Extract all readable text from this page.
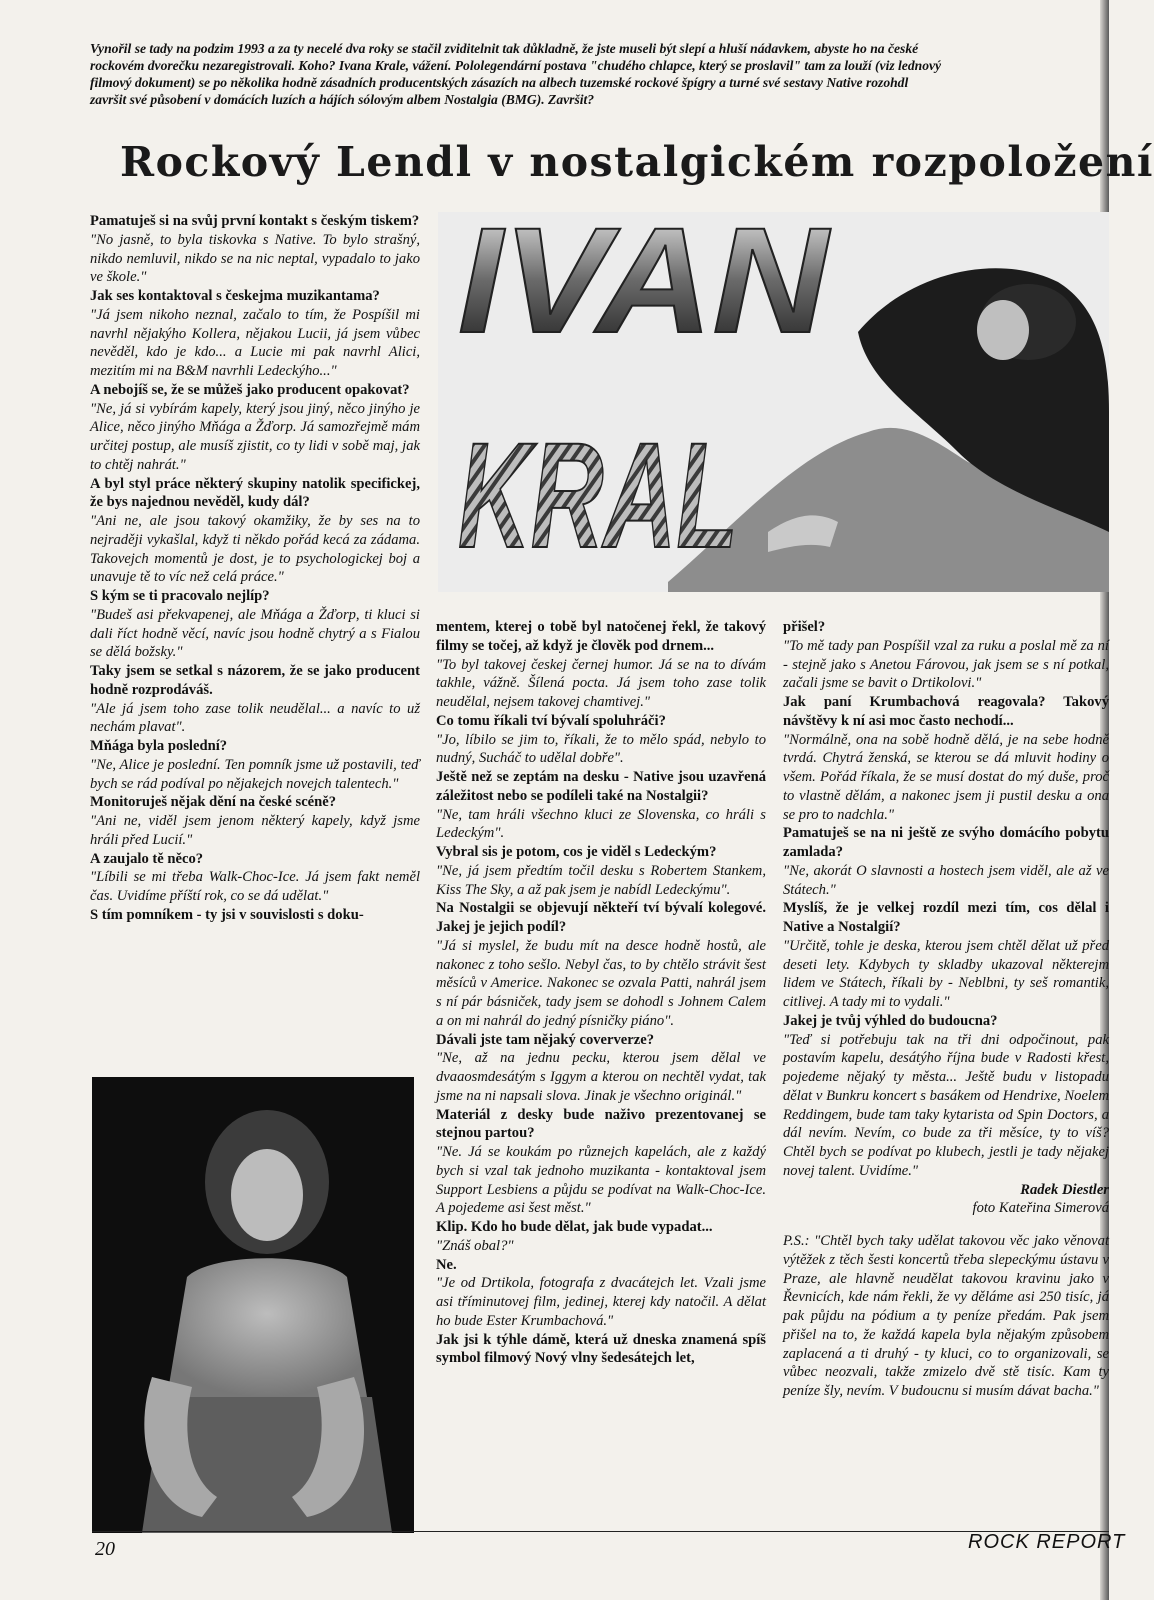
Vynořil se tady na podzim 1993 a za ty necelé dva roky se stačil zviditelnit tak důkladně, že jste museli být slepí a hluší nádavkem, abyste ho na české
rockovém dvorečku nezaregistrovali. Koho? Ivana Krale, vážení. Pololegendární postava "chudého chlapce, který se proslavil" tam za louží (viz lednový
filmový dokument) se po několika hodně zásadních producentských zásazích na albech tuzemské rockové špígry a turné své sestavy Native rozohdl
završit své působení v domácích luzích a hájích sólovým albem Nostalgia (BMG). Završit?
Rockový Lendl v nostalgickém rozpoložení

Pamatuješ si na svůj první kontakt s českým tiskem?

"No jasně, to byla tiskovka s Native. To bylo strašný, nikdo nemluvil, nikdo se na nic neptal, vypadalo to jako ve škole."

Jak ses kontaktoval s českejma muzikantama?

"Já jsem nikoho neznal, začalo to tím, že Pospíšil mi navrhl nějakýho Kollera, nějakou Lucii, já jsem vůbec nevěděl, kdo je kdo... a Lucie mi pak navrhl Alici, mezitím mi na B&M navrhli Ledeckýho..."

A nebojíš se, že se můžeš jako producent opakovat?

"Ne, já si vybírám kapely, který jsou jiný, něco jinýho je Alice, něco jinýho Mňága a Žďorp. Já samozřejmě mám určitej postup, ale musíš zjistit, co ty lidi v sobě maj, jak to chtěj nahrát."

A byl styl práce některý skupiny natolik specifickej, že bys najednou nevěděl, kudy dál?

"Ani ne, ale jsou takový okamžiky, že by ses na to nejraději vykašlal, když ti někdo pořád kecá za zádama. Takovejch momentů je dost, je to psychologickej boj a unavuje tě to víc než celá práce."

S kým se ti pracovalo nejlíp?

"Budeš asi překvapenej, ale Mňága a Žďorp, ti kluci si dali říct hodně věcí, navíc jsou hodně chytrý a s Fialou se dělá božsky."

Taky jsem se setkal s názorem, že se jako producent hodně rozprodáváš.

"Ale já jsem toho zase tolik neudělal... a navíc to už nechám plavat".

Mňága byla poslední?

"Ne, Alice je poslední. Ten pomník jsme už postavili, teď bych se rád podíval po nějakejch novejch talentech."

Monitoruješ nějak dění na české scéně?

"Ani ne, viděl jsem jenom některý kapely, když jsme hráli před Lucií."

A zaujalo tě něco?

"Líbili se mi třeba Walk-Choc-Ice. Já jsem fakt neměl čas. Uvidíme příští rok, co se dá udělat."

S tím pomníkem - ty jsi v souvislosti s doku-

IVAN
KRAL

mentem, kterej o tobě byl natočenej řekl, že takový filmy se točej, až když je člověk pod drnem...

"To byl takovej českej černej humor. Já se na to dívám takhle, vážně. Šílená pocta. Já jsem toho zase tolik neudělal, nejsem takovej chamtivej."

Co tomu říkali tví bývalí spoluhráči?

"Jo, líbilo se jim to, říkali, že to mělo spád, nebylo to nudný, Sucháč to udělal dobře".

Ještě než se zeptám na desku - Native jsou uzavřená záležitost nebo se podíleli také na Nostalgii?

"Ne, tam hráli všechno kluci ze Slovenska, co hráli s Ledeckým".

Vybral sis je potom, cos je viděl s Ledeckým?

"Ne, já jsem předtím točil desku s Robertem Stankem, Kiss The Sky, a až pak jsem je nabídl Ledeckýmu".

Na Nostalgii se objevují někteří tví bývalí kolegové. Jakej je jejich podíl?

"Já si myslel, že budu mít na desce hodně hostů, ale nakonec z toho sešlo. Nebyl čas, to by chtělo strávit šest měsíců v Americe. Nakonec se ozvala Patti, nahrál jsem s ní pár básniček, tady jsem se dohodl s Johnem Calem a on mi nahrál do jedný písničky piáno".

Dávali jste tam nějaký coververze?

"Ne, až na jednu pecku, kterou jsem dělal ve dvaaosmdesátým s Iggym a kterou on nechtěl vydat, tak jsme na ni napsali slova. Jinak je všechno originál."

Materiál z desky bude naživo prezentovanej se stejnou partou?

"Ne. Já se koukám po různejch kapelách, ale z každý bych si vzal tak jednoho muzikanta - kontaktoval jsem Support Lesbiens a půjdu se podívat na Walk-Choc-Ice. A pojedeme asi šest měst."

Klip. Kdo ho bude dělat, jak bude vypadat...

"Znáš obal?"

Ne.

"Je od Drtikola, fotografa z dvacátejch let. Vzali jsme asi tříminutovej film, jedinej, kterej kdy natočil. A dělat ho bude Ester Krumbachová."

Jak jsi k týhle dámě, která už dneska znamená spíš symbol filmový Nový vlny šedesátejch let,

přišel?

"To mě tady pan Pospíšil vzal za ruku a poslal mě za ní - stejně jako s Anetou Fárovou, jak jsem se s ní potkal, začali jsme se bavit o Drtikolovi."

Jak paní Krumbachová reagovala? Takový návštěvy k ní asi moc často nechodí...

"Normálně, ona na sobě hodně dělá, je na sebe hodně tvrdá. Chytrá ženská, se kterou se dá mluvit hodiny o všem. Pořád říkala, že se musí dostat do mý duše, proč to vlastně dělám, a nakonec jsem ji pustil desku a ona se pro to nadchla."

Pamatuješ se na ni ještě ze svýho domácího pobytu zamlada?

"Ne, akorát O slavnosti a hostech jsem viděl, ale až ve Státech."

Myslíš, že je velkej rozdíl mezi tím, cos dělal i Native a Nostalgií?

"Určitě, tohle je deska, kterou jsem chtěl dělat už před deseti lety. Kdybych ty skladby ukazoval některejm lidem ve Státech, říkali by - Neblbni, ty seš romantik, citlivej. A tady mi to vydali."

Jakej je tvůj výhled do budoucna?

"Teď si potřebuju tak na tři dni odpočinout, pak postavím kapelu, desátýho října bude v Radosti křest, pojedeme nějaký ty města... Ještě budu v listopadu dělat v Bunkru koncert s basákem od Hendrixe, Noelem Reddingem, bude tam taky kytarista od Spin Doctors, a dál nevím. Nevím, co bude za tři měsíce, ty to víš? Chtěl bych se podívat po klubech, jestli je tady nějakej novej talent. Uvidíme."

Radek Diestler

foto Kateřina Simerová

P.S.: "Chtěl bych taky udělat takovou věc jako věnovat výtěžek z těch šesti koncertů třeba slepeckýmu ústavu v Praze, ale hlavně neudělat takovou kravinu jako v Řevnicích, kde nám řekli, že vy děláme asi 250 tisíc, já pak půjdu na pódium a ty peníze předám. Pak jsem přišel na to, že každá kapela byla nějakým způsobem zaplacená a ti druhý - ty kluci, co to organizovali, se vůbec neozvali, takže zmizelo dvě stě tisíc. Kam ty peníze šly, nevím. V budoucnu si musím dávat bacha."

20	ROCK REPORT
